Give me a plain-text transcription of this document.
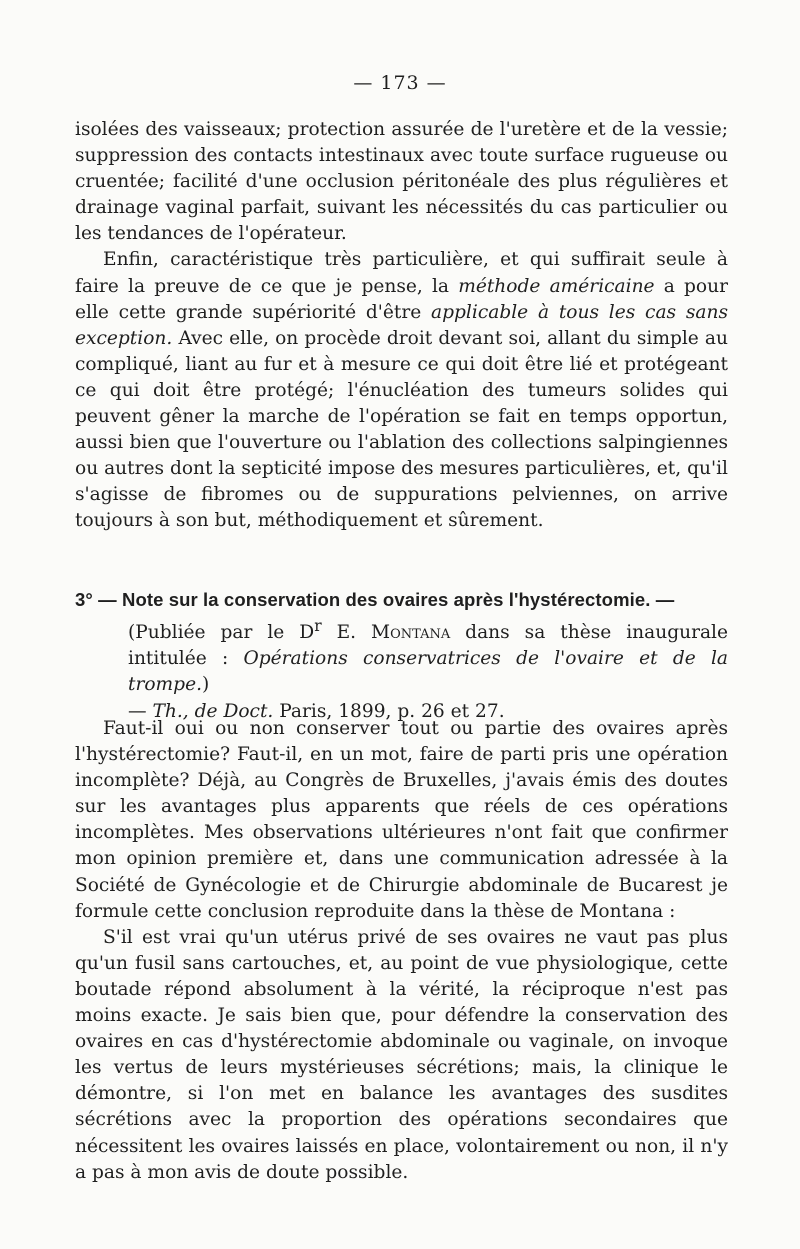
— 173 —

isolées des vaisseaux; protection assurée de l'uretère et de la vessie; suppression des contacts intestinaux avec toute surface rugueuse ou cruentée; facilité d'une occlusion péritonéale des plus régulières et drainage vaginal parfait, suivant les nécessités du cas particulier ou les tendances de l'opérateur.

Enfin, caractéristique très particulière, et qui suffirait seule à faire la preuve de ce que je pense, la méthode américaine a pour elle cette grande supériorité d'être applicable à tous les cas sans exception. Avec elle, on procède droit devant soi, allant du simple au compliqué, liant au fur et à mesure ce qui doit être lié et protégeant ce qui doit être protégé; l'énucléation des tumeurs solides qui peuvent gêner la marche de l'opération se fait en temps opportun, aussi bien que l'ouverture ou l'ablation des collections salpingiennes ou autres dont la septicité impose des mesures particulières, et, qu'il s'agisse de fibromes ou de suppurations pelviennes, on arrive toujours à son but, méthodiquement et sûrement.

3° — Note sur la conservation des ovaires après l'hystérectomie. —

(Publiée par le $D^r$ E. Montana dans sa thèse inaugurale intitulée : Opérations conservatrices de l'ovaire et de la trompe.)
— Th., de Doct. Paris, 1899, p. 26 et 27.

Faut-il oui ou non conserver tout ou partie des ovaires après l'hystérectomie? Faut-il, en un mot, faire de parti pris une opération incomplète? Déjà, au Congrès de Bruxelles, j'avais émis des doutes sur les avantages plus apparents que réels de ces opérations incomplètes. Mes observations ultérieures n'ont fait que confirmer mon opinion première et, dans une communication adressée à la Société de Gynécologie et de Chirurgie abdominale de Bucarest je formule cette conclusion reproduite dans la thèse de Montana :

S'il est vrai qu'un utérus privé de ses ovaires ne vaut pas plus qu'un fusil sans cartouches, et, au point de vue physiologique, cette boutade répond absolument à la vérité, la réciproque n'est pas moins exacte. Je sais bien que, pour défendre la conservation des ovaires en cas d'hystérectomie abdominale ou vaginale, on invoque les vertus de leurs mystérieuses sécrétions; mais, la clinique le démontre, si l'on met en balance les avantages des susdites sécrétions avec la proportion des opérations secondaires que nécessitent les ovaires laissés en place, volontairement ou non, il n'y a pas à mon avis de doute possible.
